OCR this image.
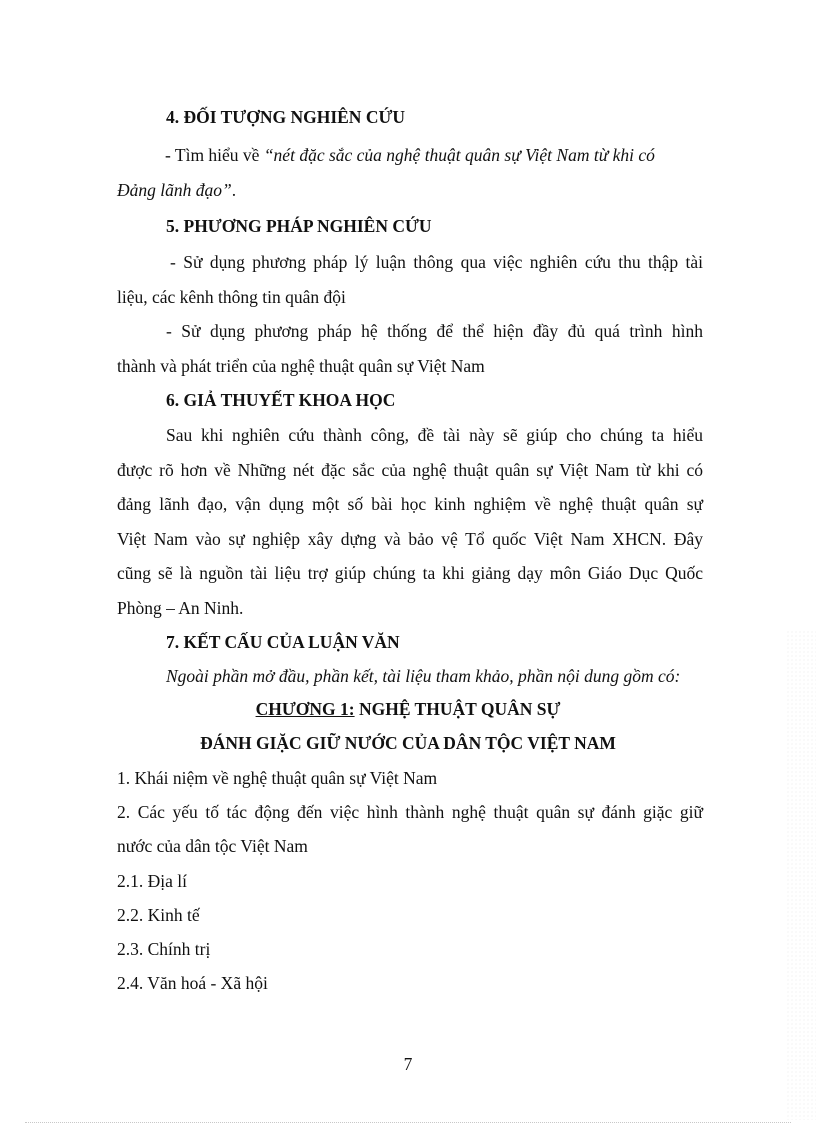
4. ĐỐI TƯỢNG NGHIÊN CỨU
- Tìm hiểu về “nét đặc sắc của nghệ thuật quân sự Việt Nam từ khi có
Đảng lãnh đạo”.
5. PHƯƠNG PHÁP NGHIÊN CỨU
- Sử dụng phương pháp lý luận thông qua việc nghiên cứu thu thập tài
liệu, các kênh thông tin quân đội
- Sử dụng phương pháp hệ thống để thể hiện đầy đủ quá trình hình
thành và phát triển của nghệ thuật quân sự Việt Nam
6. GIẢ THUYẾT KHOA HỌC
Sau khi nghiên cứu thành công, đề tài này sẽ giúp cho chúng ta hiểu
được rõ hơn về Những nét đặc sắc của nghệ thuật quân sự Việt Nam từ khi có
đảng lãnh đạo, vận dụng một số bài học kinh nghiệm về nghệ thuật quân sự
Việt Nam vào sự nghiệp xây dựng và bảo vệ Tổ quốc Việt Nam XHCN. Đây
cũng sẽ là nguồn tài liệu trợ giúp chúng ta khi giảng dạy môn Giáo Dục Quốc
Phòng – An Ninh.
7. KẾT CẤU CỦA LUẬN VĂN
Ngoài phần mở đầu, phần kết, tài liệu tham khảo, phần nội dung gồm có:
CHƯƠNG 1: NGHỆ THUẬT QUÂN SỰ
ĐÁNH GIẶC GIỮ NƯỚC CỦA DÂN TỘC VIỆT NAM
1. Khái niệm về nghệ thuật quân sự Việt Nam
2. Các yếu tố tác động đến việc hình thành nghệ thuật quân sự đánh giặc giữ
nước của dân tộc Việt Nam
2.1. Địa lí
2.2. Kinh tế
2.3. Chính trị
2.4. Văn hoá - Xã hội
7
